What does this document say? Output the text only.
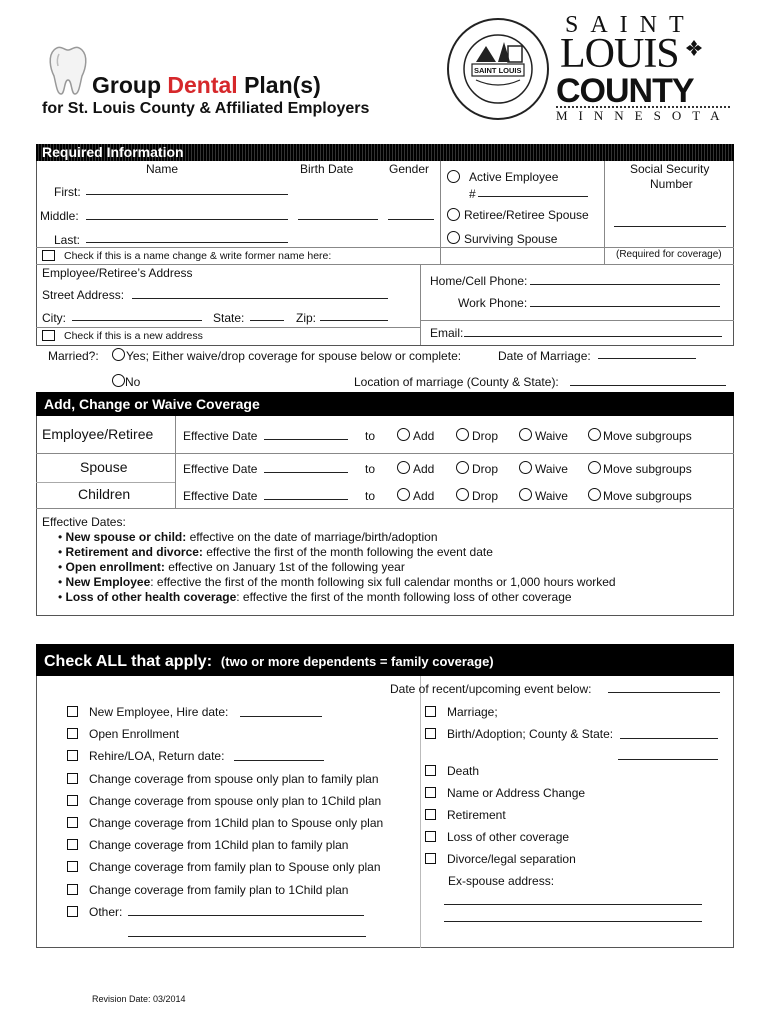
Group Dental Plan(s)
for St. Louis County & Affiliated Employers
SAINT LOUIS
SAINT
LOUIS
COUNTY
MINNESOTA
Required Information
Name	Birth Date	Gender
First:
Middle:
Last:
Active Employee
#
Retiree/Retiree Spouse
Surviving Spouse
Social Security
Number
Check if this is a name change & write former name here:	(Required for coverage)
Employee/Retiree’s Address
Street Address:
City:	State:	Zip:
Check if this is a new address
Home/Cell Phone:
Work Phone:
Email:
Married?: Yes; Either waive/drop coverage for spouse below or complete:	Date of Marriage:
No	Location of marriage (County & State):
Add, Change or Waive Coverage
Employee/Retiree Effective Date	to	Add	Drop	Waive	Move subgroups
Spouse	Effective Date	to	Add	Drop	Waive	Move subgroups
Children	Effective Date	to	Add	Drop	Waive	Move subgroups
Effective Dates:
• New spouse or child: effective on the date of marriage/birth/adoption
• Retirement and divorce: effective the first of the month following the event date
• Open enrollment: effective on January 1st of the following year
• New Employee: effective the first of the month following six full calendar months or 1,000 hours worked
• Loss of other health coverage: effective the first of the month following loss of other coverage
Check ALL that apply: (two or more dependents = family coverage)
Date of recent/upcoming event below:
New Employee, Hire date:
Open Enrollment
Rehire/LOA, Return date:
Change coverage from spouse only plan to family plan
Change coverage from spouse only plan to 1Child plan
Change coverage from 1Child plan to Spouse only plan
Change coverage from 1Child plan to family plan
Change coverage from family plan to Spouse only plan
Change coverage from family plan to 1Child plan
Other:
Marriage;
Birth/Adoption; County & State:
Death
Name or Address Change
Retirement
Loss of other coverage
Divorce/legal separation
Ex-spouse address:
Revision Date: 03/2014
